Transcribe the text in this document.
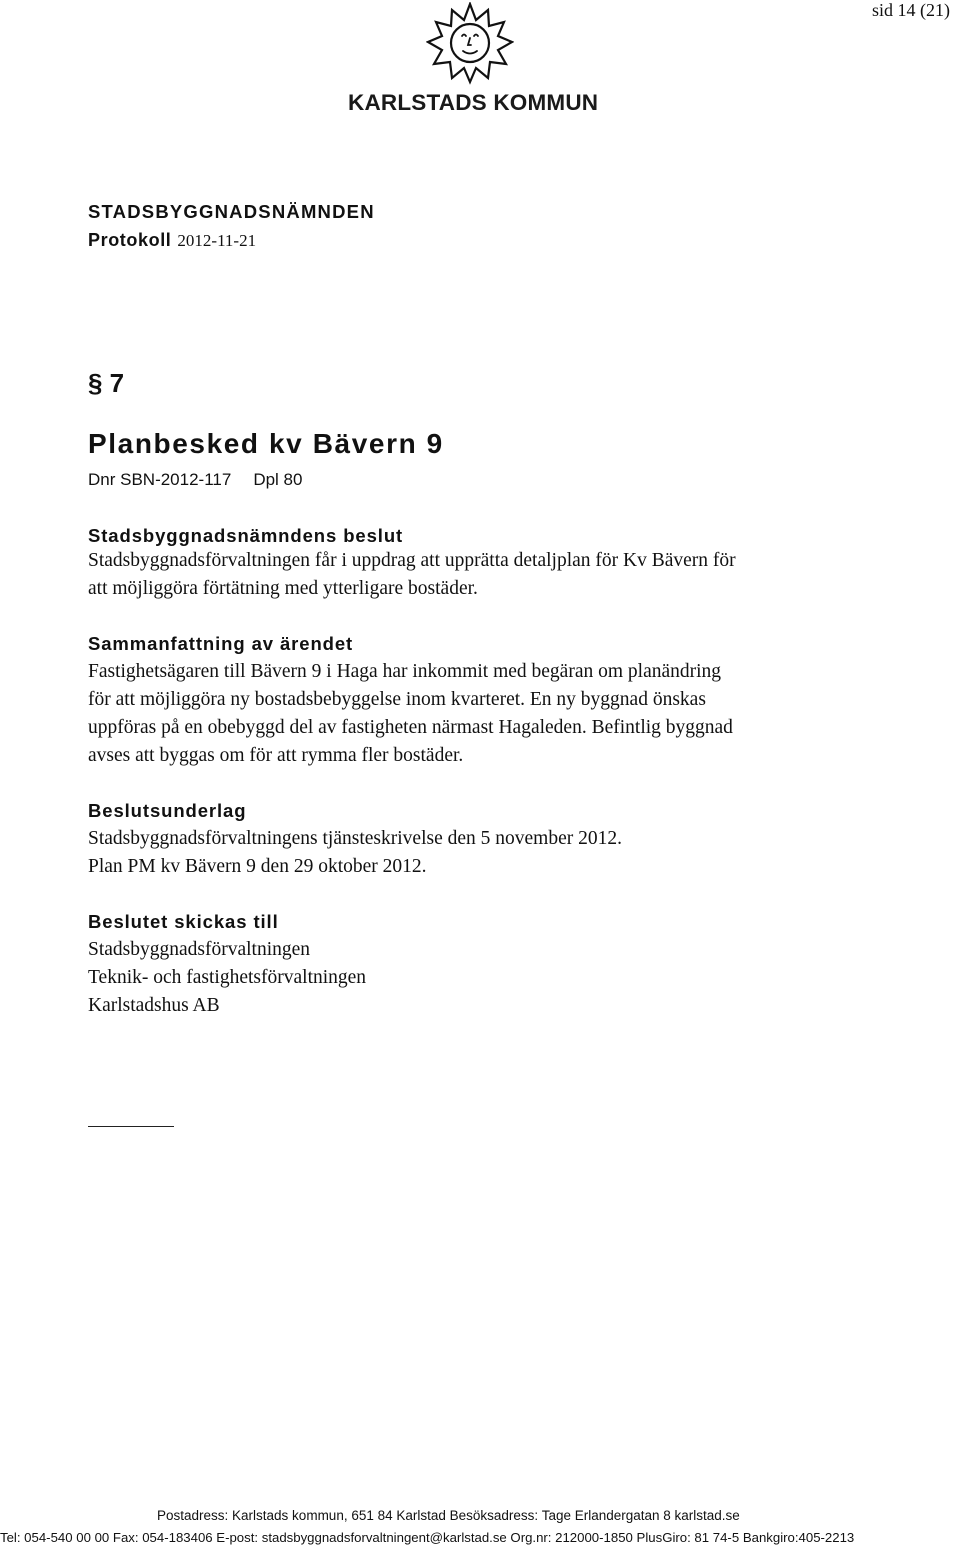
sid 14 (21)
KARLSTADS KOMMUN
STADSBYGGNADSNÄMNDEN
Protokoll 2012-11-21
§ 7
Planbesked kv Bävern 9
Dnr SBN-2012-117 Dpl 80
Stadsbyggnadsnämndens beslut
Stadsbyggnadsförvaltningen får i uppdrag att upprätta detaljplan för Kv Bävern för
att möjliggöra förtätning med ytterligare bostäder.
Sammanfattning av ärendet
Fastighetsägaren till Bävern 9 i Haga har inkommit med begäran om planändring
för att möjliggöra ny bostadsbebyggelse inom kvarteret. En ny byggnad önskas
uppföras på en obebyggd del av fastigheten närmast Hagaleden. Befintlig byggnad
avses att byggas om för att rymma fler bostäder.
Beslutsunderlag
Stadsbyggnadsförvaltningens tjänsteskrivelse den 5 november 2012.
Plan PM kv Bävern 9 den 29 oktober 2012.
Beslutet skickas till
Stadsbyggnadsförvaltningen
Teknik- och fastighetsförvaltningen
Karlstadshus AB
Postadress: Karlstads kommun, 651 84 Karlstad Besöksadress: Tage Erlandergatan 8 karlstad.se
Tel: 054-540 00 00 Fax: 054-183406 E-post: stadsbyggnadsforvaltningent@karlstad.se Org.nr: 212000-1850 PlusGiro: 81 74-5 Bankgiro:405-2213
